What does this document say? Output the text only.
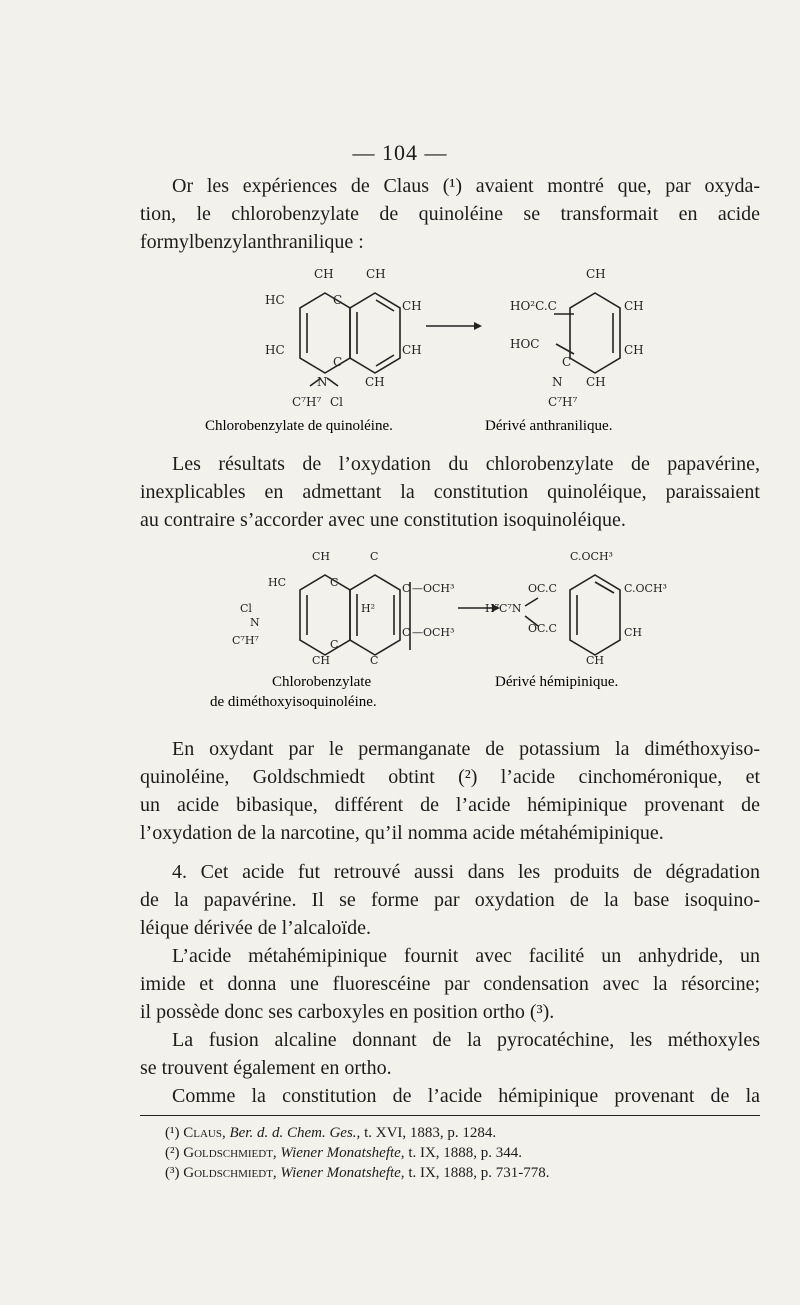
— 104 —
Or les expériences de Claus (¹) avaient montré que, par oxyda-
tion, le chlorobenzylate de quinoléine se transformait en acide
formylbenzylanthranilique :
CH	CH
HC	C	CH
HC
C
CH
N	CH
C⁷H⁷ Cl
CH
HO²C.C	CH
HOC
C
CH
N CH
C⁷H⁷
Chlorobenzylate de quinoléine.	Dérivé anthranilique.
Les résultats de l’oxydation du chlorobenzylate de papavérine,
inexplicables en admettant la constitution quinoléique, paraissaient
au contraire s’accorder avec une constitution isoquinoléique.
CH	C
HC	C	C —OCH³
H²
Cl
N
C —OCH³
C⁷H⁷	C
CH	C
C.OCH³
OC.C	C.OCH³
H⁷C⁷N
OC.C	CH
CH
Chlorobenzylate
de diméthoxyisoquinoléine.
Dérivé hémipinique.
En oxydant par le permanganate de potassium la diméthoxyiso-
quinoléine, Goldschmiedt obtint (²) l’acide cinchoméronique, et
un acide bibasique, différent de l’acide hémipinique provenant de
l’oxydation de la narcotine, qu’il nomma acide métahémipinique.
4. Cet acide fut retrouvé aussi dans les produits de dégradation
de la papavérine. Il se forme par oxydation de la base isoquino-
léique dérivée de l’alcaloïde.
L’acide métahémipinique fournit avec facilité un anhydride, un
imide et donna une fluorescéine par condensation avec la résorcine;
il possède donc ses carboxyles en position ortho (³).
La fusion alcaline donnant de la pyrocatéchine, les méthoxyles
se trouvent également en ortho.
Comme la constitution de l’acide hémipinique provenant de la
(¹) Claus, Ber. d. d. Chem. Ges., t. XVI, 1883, p. 1284.
(²) Goldschmiedt, Wiener Monatshefte, t. IX, 1888, p. 344.
(³) Goldschmiedt, Wiener Monatshefte, t. IX, 1888, p. 731-778.
